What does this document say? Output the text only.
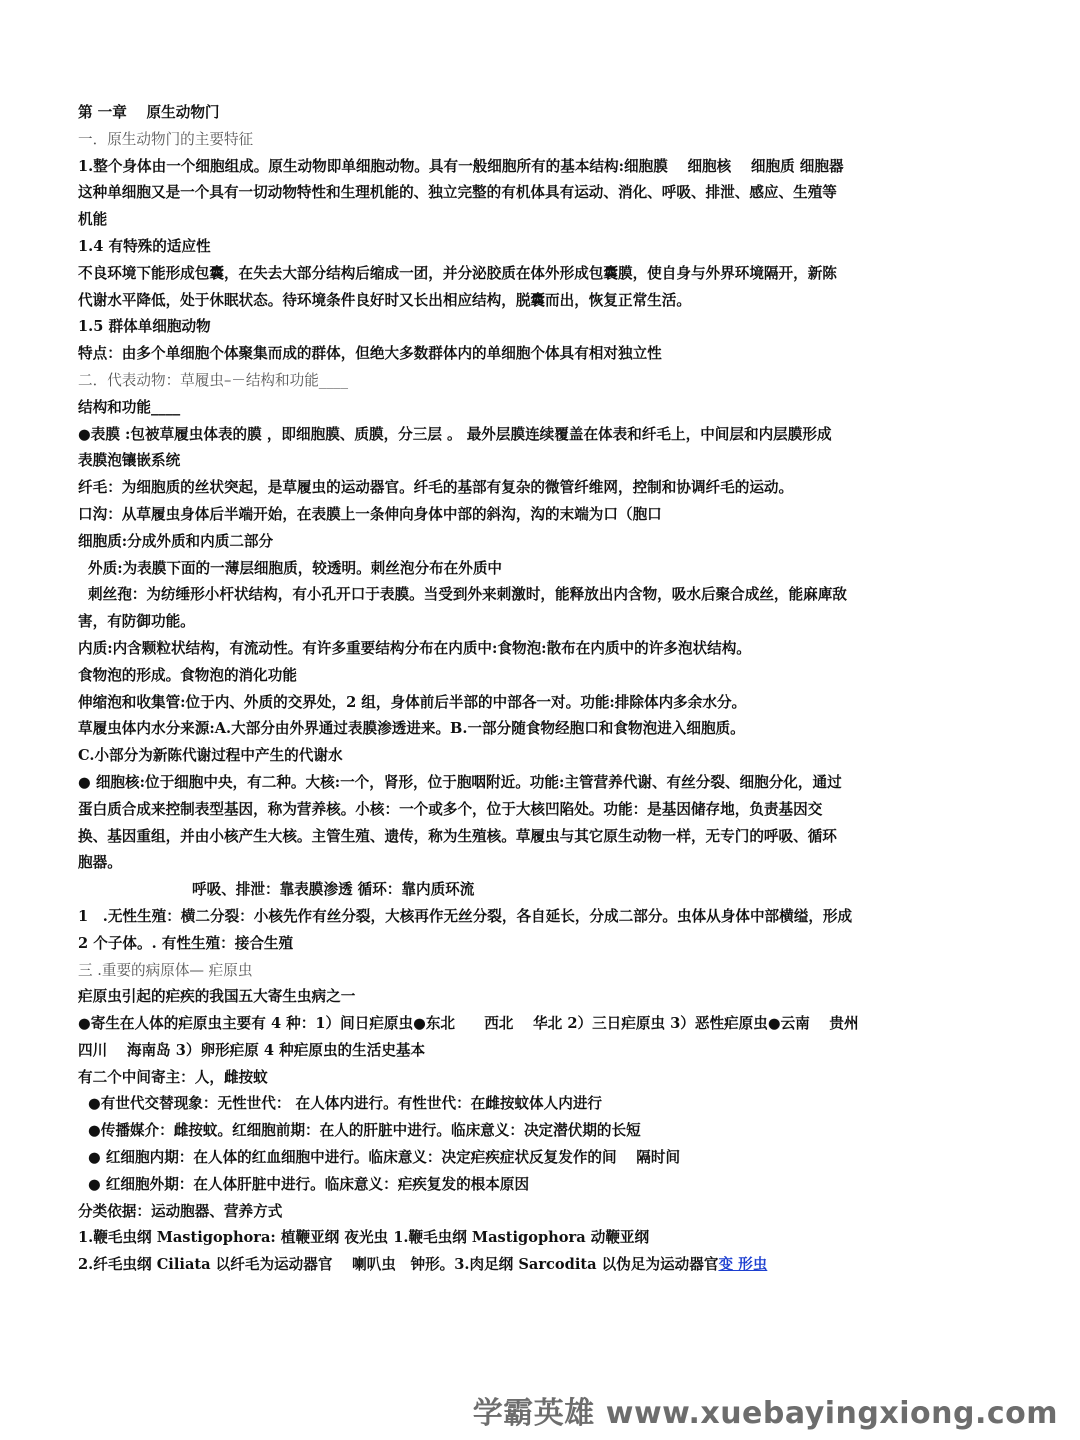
第 一章　 原生动物门
一．原生动物门的主要特征
1.整个身体由一个细胞组成。原生动物即单细胞动物。具有一般细胞所有的基本结构:细胞膜　 细胞核　 细胞质 细胞器
这种单细胞又是一个具有一切动物特性和生理机能的、独立完整的有机体具有运动、消化、呼吸、排泄、感应、生殖等
机能
1.4 有特殊的适应性
不良环境下能形成包囊，在失去大部分结构后缩成一团，并分泌胶质在体外形成包囊膜，使自身与外界环境隔开，新陈
代谢水平降低，处于休眠状态。待环境条件良好时又长出相应结构，脱囊而出，恢复正常生活。
1.5 群体单细胞动物
特点：由多个单细胞个体聚集而成的群体，但绝大多数群体内的单细胞个体具有相对独立性
二．代表动物：草履虫–－结构和功能____
结构和功能____
●表膜 :包被草履虫体表的膜 ，即细胞膜、质膜，分三层 。 最外层膜连续覆盖在体表和纤毛上，中间层和内层膜形成
表膜泡镶嵌系统
纤毛：为细胞质的丝状突起，是草履虫的运动器官。纤毛的基部有复杂的微管纤维网，控制和协调纤毛的运动。
口沟：从草履虫身体后半端开始，在表膜上一条伸向身体中部的斜沟，沟的末端为口（胞口
细胞质:分成外质和内质二部分
外质:为表膜下面的一薄层细胞质，较透明。刺丝泡分布在外质中
刺丝孢：为纺缍形小杆状结构，有小孔开口于表膜。当受到外来刺激时，能释放出内含物，吸水后聚合成丝，能麻庳敌
害，有防御功能。
内质:内含颗粒状结构，有流动性。有许多重要结构分布在内质中:食物泡:散布在内质中的许多泡状结构。
食物泡的形成。食物泡的消化功能
伸缩泡和收集管:位于内、外质的交界处，2 组，身体前后半部的中部各一对。功能:排除体内多余水分。
草履虫体内水分来源:A.大部分由外界通过表膜渗透进来。B.一部分随食物经胞口和食物泡进入细胞质。
C.小部分为新陈代谢过程中产生的代谢水
● 细胞核:位于细胞中央，有二种。大核:一个，肾形，位于胞咽附近。功能:主管营养代谢、有丝分裂、细胞分化，通过
蛋白质合成来控制表型基因，称为营养核。小核：一个或多个，位于大核凹陷处。功能：是基因储存地，负责基因交
换、基因重组，并由小核产生大核。主管生殖、遗传，称为生殖核。草履虫与其它原生动物一样，无专门的呼吸、循环
胞器。
呼吸、排泄：靠表膜渗透 循环：靠内质环流
1　.无性生殖：横二分裂：小核先作有丝分裂，大核再作无丝分裂，各自延长，分成二部分。虫体从身体中部横缢，形成
2 个子体。. 有性生殖：接合生殖
三 .重要的病原体— 疟原虫
疟原虫引起的疟疾的我国五大寄生虫病之一
●寄生在人体的疟原虫主要有 4 种：1）间日疟原虫●东北　　西北　 华北 2）三日疟原虫 3）恶性疟原虫●云南　 贵州
四川　 海南岛 3）卵形疟原 4 种疟原虫的生活史基本
有二个中间寄主：人，雌按蚊
●有世代交替现象：无性世代： 在人体内进行。有性世代：在雌按蚊体人内进行
●传播媒介：雌按蚊。红细胞前期：在人的肝脏中进行。临床意义：决定潜伏期的长短
● 红细胞内期：在人体的红血细胞中进行。临床意义：决定疟疾症状反复发作的间　 隔时间
● 红细胞外期：在人体肝脏中进行。临床意义：疟疾复发的根本原因
分类依据：运动胞器、营养方式
1.鞭毛虫纲 Mastigophora: 植鞭亚纲 夜光虫 1.鞭毛虫纲 Mastigophora 动鞭亚纲
2.纤毛虫纲 Ciliata 以纤毛为运动器官　 喇叭虫　钟形。3.肉足纲 Sarcodita 以伪足为运动器官变 形虫
学霸英雄 www.xuebayingxiong.com
